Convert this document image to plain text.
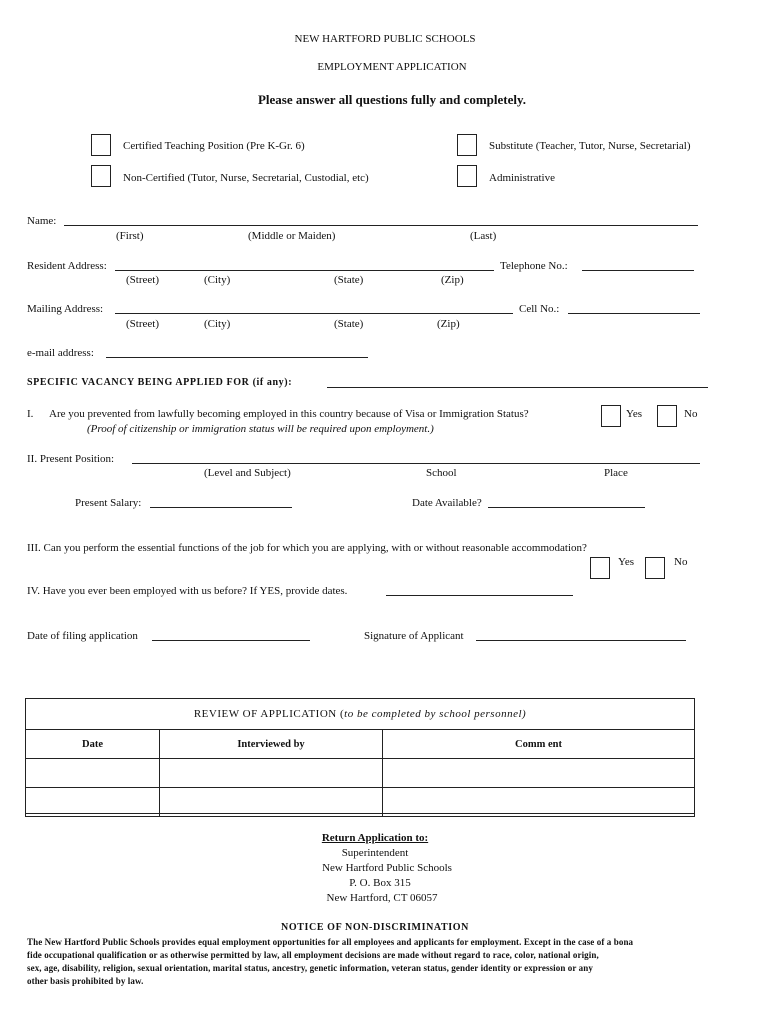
NEW HARTFORD PUBLIC SCHOOLS
EMPLOYMENT APPLICATION
Please answer all questions fully and completely.
Certified Teaching Position (Pre K-Gr. 6)	Substitute (Teacher, Tutor, Nurse, Secretarial)
Non-Certified (Tutor, Nurse, Secretarial, Custodial, etc)	Administrative
Name:
(First)	(Middle or Maiden)	(Last)
Resident Address:	Telephone No.:
(Street)	(City)	(State)	(Zip)
Mailing Address:	Cell No.:
(Street)	(City)	(State)	(Zip)
e-mail address:
SPECIFIC VACANCY BEING APPLIED FOR (if any):
I. Are you prevented from lawfully becoming employed in this country because of Visa or Immigration Status?
(Proof of citizenship or immigration status will be required upon employment.)
Yes	No
II. Present Position:
(Level and Subject)	School	Place
Present Salary:	Date Available?
III. Can you perform the essential functions of the job for which you are applying, with or without reasonable accommodation?
Yes	No
IV. Have you ever been employed with us before? If YES, provide dates.
Date of filing application	Signature of Applicant
REVIEW OF APPLICATION (to be completed by school personnel)
Date	Interviewed by	Comm ent

Return Application to:
Superintendent
New Hartford Public Schools
P. O. Box 315
New Hartford, CT 06057
NOTICE OF NON-DISCRIMINATION
The New Hartford Public Schools provides equal employment opportunities for all employees and applicants for employment. Except in the case of a bona
fide occupational qualification or as otherwise permitted by law, all employment decisions are made without regard to race, color, national origin,
sex, age, disability, religion, sexual orientation, marital status, ancestry, genetic information, veteran status, gender identity or expression or any
other basis prohibited by law.
